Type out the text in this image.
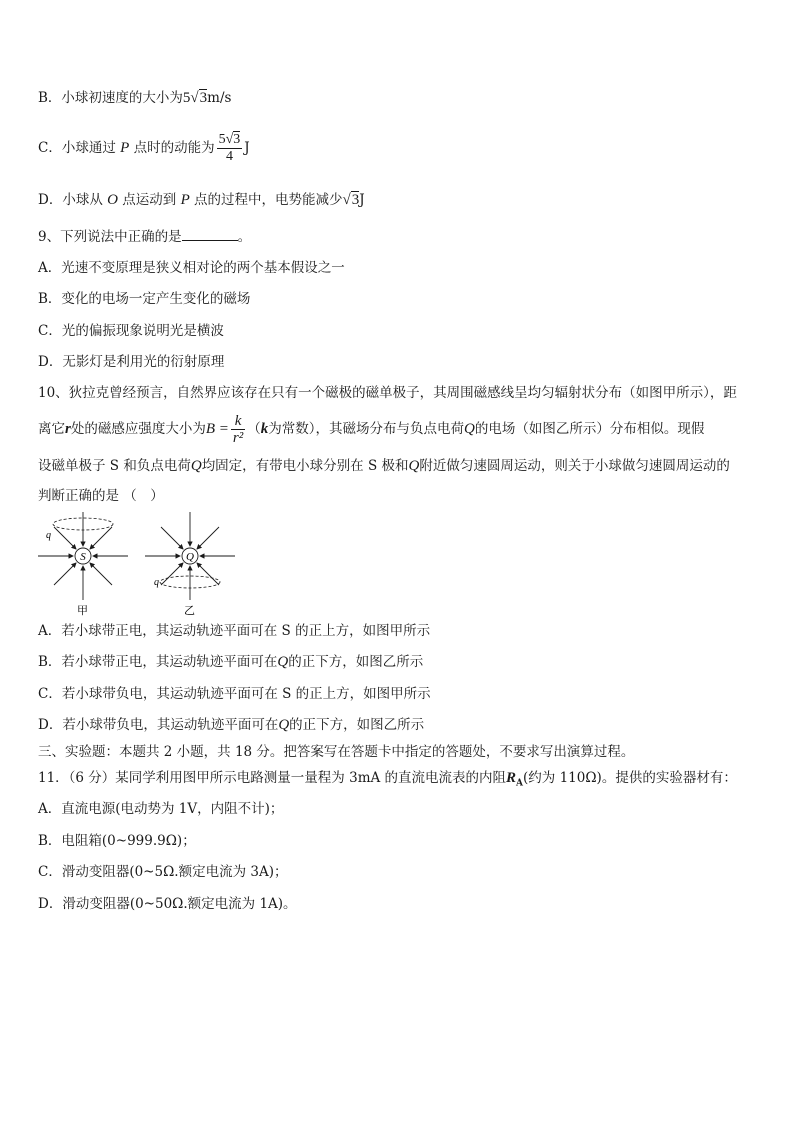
B．小球初速度的大小为5√3m/s
C．小球通过 P 点时的动能为 $\frac{5√3}{4}$ J
D．小球从 O 点运动到 P 点的过程中，电势能减少√3J
9、下列说法中正确的是	。
A．光速不变原理是狭义相对论的两个基本假设之一
B．变化的电场一定产生变化的磁场
C．光的偏振现象说明光是横波
D．无影灯是利用光的衍射原理
10、狄拉克曾经预言，自然界应该存在只有一个磁极的磁单极子，其周围磁感线呈均匀辐射状分布（如图甲所示），距
离它r处的磁感应强度大小为$B = \frac{k}{\text{r²}} (k$为常数），其磁场分布与负点电荷Q的电场（如图乙所示）分布相似。现假
设磁单极子 S 和负点电荷Q均固定，有带电小球分别在 S 极和Q附近做匀速圆周运动，则关于小球做匀速圆周运动的
判断正确的是 （　）
S
q
Q
q
甲	乙
A．若小球带正电，其运动轨迹平面可在 S 的正上方，如图甲所示
B．若小球带正电，其运动轨迹平面可在Q的正下方，如图乙所示
C．若小球带负电，其运动轨迹平面可在 S 的正上方，如图甲所示
D．若小球带负电，其运动轨迹平面可在Q的正下方，如图乙所示
三、实验题：本题共 2 小题，共 18 分。把答案写在答题卡中指定的答题处，不要求写出演算过程。
11．（6 分）某同学利用图甲所示电路测量一量程为 3mA 的直流电流表的内阻$R_A$(约为 110Ω)。提供的实验器材有：
A．直流电源(电动势为 1V，内阻不计)；
B．电阻箱(0~999.9Ω)；
C．滑动变阻器(0~5Ω.额定电流为 3A)；
D．滑动变阻器(0~50Ω.额定电流为 1A)。
